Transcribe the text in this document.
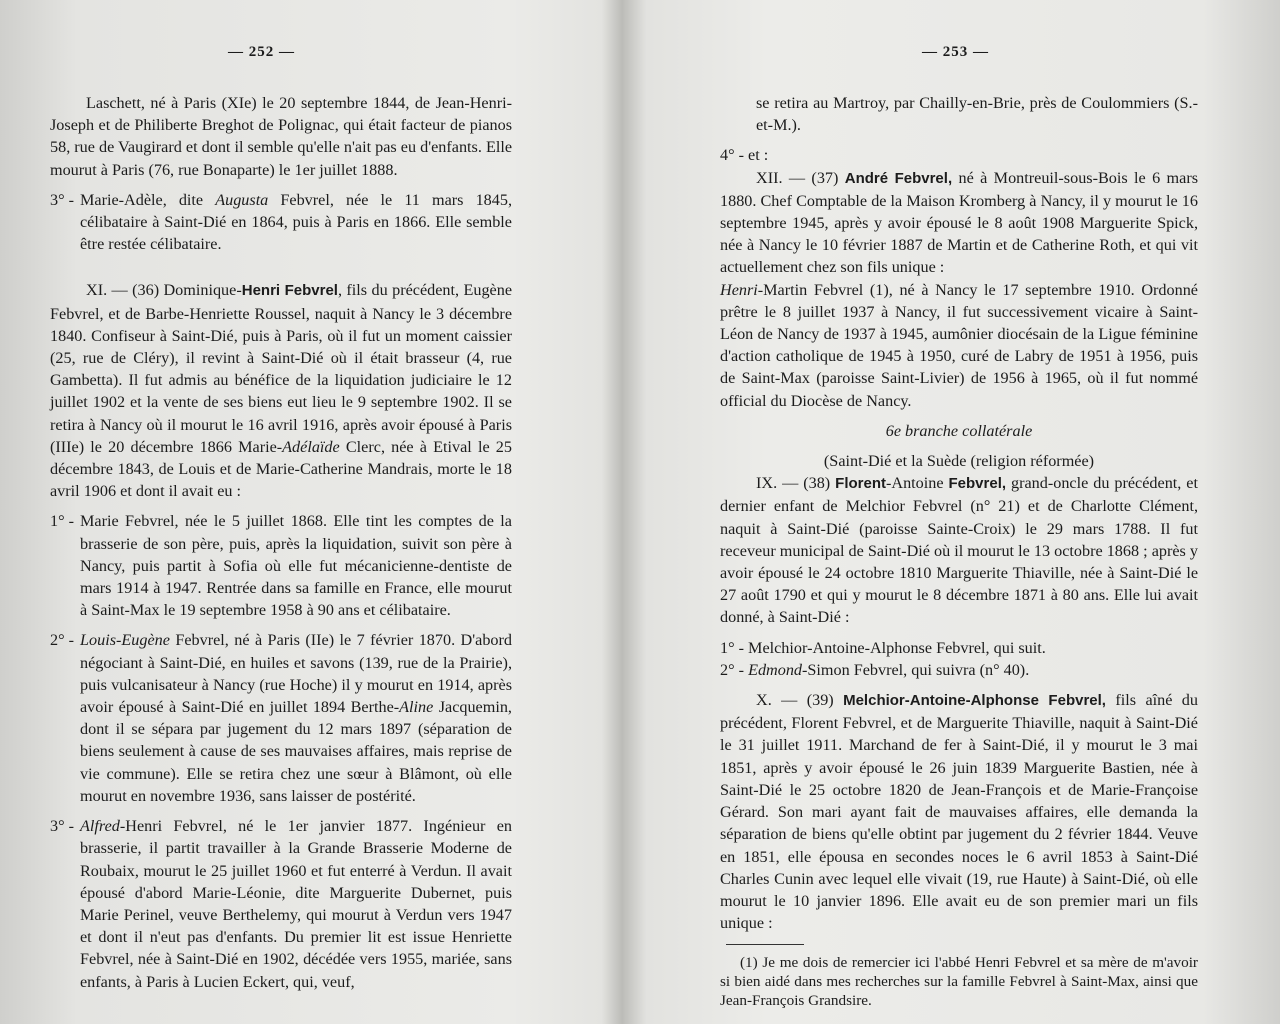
— 252 —

Laschett, né à Paris (XIe) le 20 septembre 1844, de Jean-Henri-Joseph et de Philiberte Breghot de Polignac, qui était facteur de pianos 58, rue de Vaugirard et dont il semble qu'elle n'ait pas eu d'enfants. Elle mourut à Paris (76, rue Bonaparte) le 1er juillet 1888.

3° - Marie-Adèle, dite Augusta Febvrel, née le 11 mars 1845, célibataire à Saint-Dié en 1864, puis à Paris en 1866. Elle semble être restée célibataire.

XI. — (36) Dominique-Henri Febvrel, fils du précédent, Eugène Febvrel, et de Barbe-Henriette Roussel, naquit à Nancy le 3 décembre 1840. Confiseur à Saint-Dié, puis à Paris, où il fut un moment caissier (25, rue de Cléry), il revint à Saint-Dié où il était brasseur (4, rue Gambetta). Il fut admis au bénéfice de la liquidation judiciaire le 12 juillet 1902 et la vente de ses biens eut lieu le 9 septembre 1902. Il se retira à Nancy où il mourut le 16 avril 1916, après avoir épousé à Paris (IIIe) le 20 décembre 1866 Marie-Adélaïde Clerc, née à Etival le 25 décembre 1843, de Louis et de Marie-Catherine Mandrais, morte le 18 avril 1906 et dont il avait eu :

1° - Marie Febvrel, née le 5 juillet 1868. Elle tint les comptes de la brasserie de son père, puis, après la liquidation, suivit son père à Nancy, puis partit à Sofia où elle fut mécanicienne-dentiste de mars 1914 à 1947. Rentrée dans sa famille en France, elle mourut à Saint-Max le 19 septembre 1958 à 90 ans et célibataire.

2° - Louis-Eugène Febvrel, né à Paris (IIe) le 7 février 1870. D'abord négociant à Saint-Dié, en huiles et savons (139, rue de la Prairie), puis vulcanisateur à Nancy (rue Hoche) il y mourut en 1914, après avoir épousé à Saint-Dié en juillet 1894 Berthe-Aline Jacquemin, dont il se sépara par jugement du 12 mars 1897 (séparation de biens seulement à cause de ses mauvaises affaires, mais reprise de vie commune). Elle se retira chez une sœur à Blâmont, où elle mourut en novembre 1936, sans laisser de postérité.

3° - Alfred-Henri Febvrel, né le 1er janvier 1877. Ingénieur en brasserie, il partit travailler à la Grande Brasserie Moderne de Roubaix, mourut le 25 juillet 1960 et fut enterré à Verdun. Il avait épousé d'abord Marie-Léonie, dite Marguerite Dubernet, puis Marie Perinel, veuve Berthelemy, qui mourut à Verdun vers 1947 et dont il n'eut pas d'enfants. Du premier lit est issue Henriette Febvrel, née à Saint-Dié en 1902, décédée vers 1955, mariée, sans enfants, à Paris à Lucien Eckert, qui, veuf,

— 253 —

se retira au Martroy, par Chailly-en-Brie, près de Coulommiers (S.-et-M.).

4° - et :

XII. — (37) André Febvrel, né à Montreuil-sous-Bois le 6 mars 1880. Chef Comptable de la Maison Kromberg à Nancy, il y mourut le 16 septembre 1945, après y avoir épousé le 8 août 1908 Marguerite Spick, née à Nancy le 10 février 1887 de Martin et de Catherine Roth, et qui vit actuellement chez son fils unique :

Henri-Martin Febvrel (1), né à Nancy le 17 septembre 1910. Ordonné prêtre le 8 juillet 1937 à Nancy, il fut successivement vicaire à Saint-Léon de Nancy de 1937 à 1945, aumônier diocésain de la Ligue féminine d'action catholique de 1945 à 1950, curé de Labry de 1951 à 1956, puis de Saint-Max (paroisse Saint-Livier) de 1956 à 1965, où il fut nommé official du Diocèse de Nancy.

6e branche collatérale

(Saint-Dié et la Suède (religion réformée)

IX. — (38) Florent-Antoine Febvrel, grand-oncle du précédent, et dernier enfant de Melchior Febvrel (n° 21) et de Charlotte Clément, naquit à Saint-Dié (paroisse Sainte-Croix) le 29 mars 1788. Il fut receveur municipal de Saint-Dié où il mourut le 13 octobre 1868 ; après y avoir épousé le 24 octobre 1810 Marguerite Thiaville, née à Saint-Dié le 27 août 1790 et qui y mourut le 8 décembre 1871 à 80 ans. Elle lui avait donné, à Saint-Dié :

1° - Melchior-Antoine-Alphonse Febvrel, qui suit.

2° - Edmond-Simon Febvrel, qui suivra (n° 40).

X. — (39) Melchior-Antoine-Alphonse Febvrel, fils aîné du précédent, Florent Febvrel, et de Marguerite Thiaville, naquit à Saint-Dié le 31 juillet 1911. Marchand de fer à Saint-Dié, il y mourut le 3 mai 1851, après y avoir épousé le 26 juin 1839 Marguerite Bastien, née à Saint-Dié le 25 octobre 1820 de Jean-François et de Marie-Françoise Gérard. Son mari ayant fait de mauvaises affaires, elle demanda la séparation de biens qu'elle obtint par jugement du 2 février 1844. Veuve en 1851, elle épousa en secondes noces le 6 avril 1853 à Saint-Dié Charles Cunin avec lequel elle vivait (19, rue Haute) à Saint-Dié, où elle mourut le 10 janvier 1896. Elle avait eu de son premier mari un fils unique :

(1) Je me dois de remercier ici l'abbé Henri Febvrel et sa mère de m'avoir si bien aidé dans mes recherches sur la famille Febvrel à Saint-Max, ainsi que Jean-François Grandsire.
